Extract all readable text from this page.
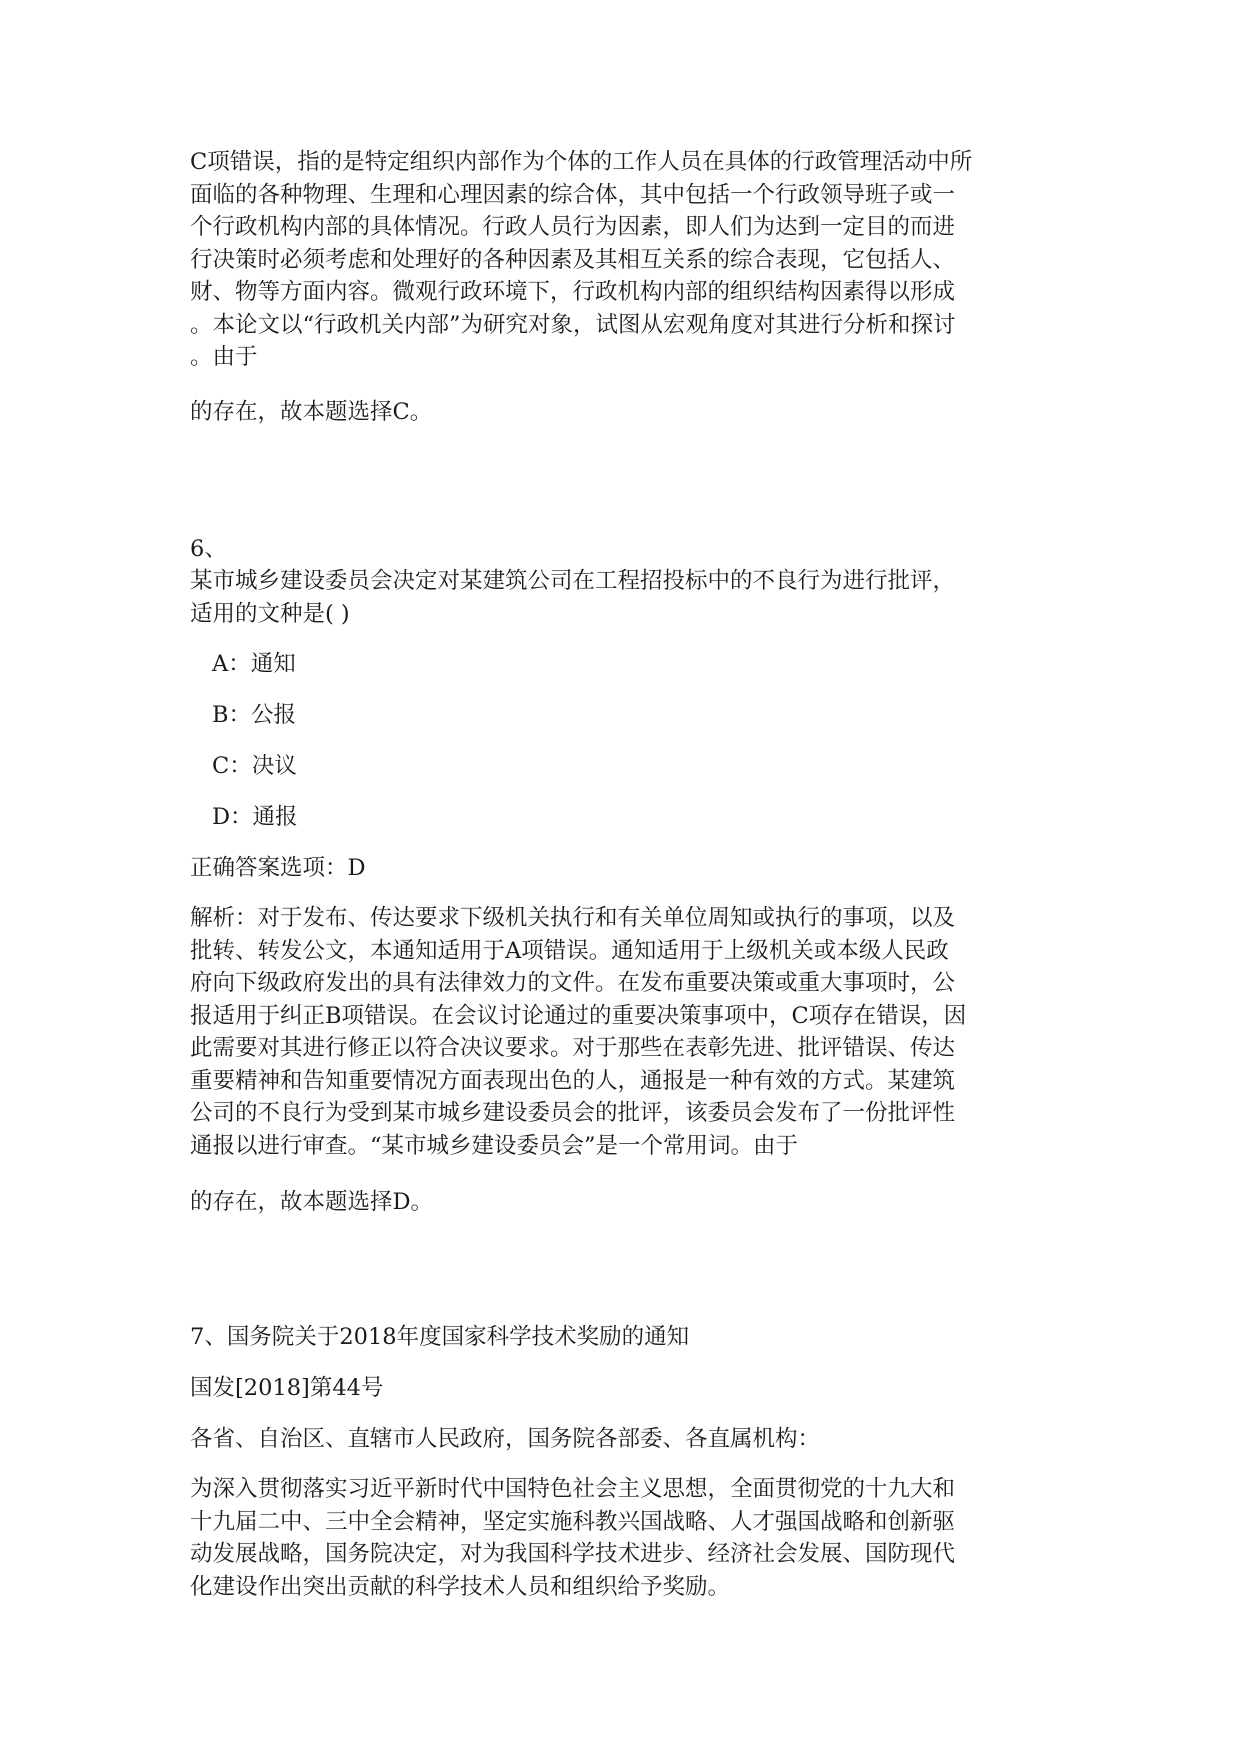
C项错误，指的是特定组织内部作为个体的工作人员在具体的行政管理活动中所
面临的各种物理、生理和心理因素的综合体，其中包括一个行政领导班子或一
个行政机构内部的具体情况。行政人员行为因素，即人们为达到一定目的而进
行决策时必须考虑和处理好的各种因素及其相互关系的综合表现，它包括人、
财、物等方面内容。微观行政环境下，行政机构内部的组织结构因素得以形成
。本论文以“行政机关内部”为研究对象，试图从宏观角度对其进行分析和探讨
。由于
的存在，故本题选择C。
6、
某市城乡建设委员会决定对某建筑公司在工程招投标中的不良行为进行批评，
适用的文种是( )
A：通知
B：公报
C：决议
D：通报
正确答案选项：D
解析：对于发布、传达要求下级机关执行和有关单位周知或执行的事项，以及
批转、转发公文，本通知适用于A项错误。通知适用于上级机关或本级人民政
府向下级政府发出的具有法律效力的文件。在发布重要决策或重大事项时，公
报适用于纠正B项错误。在会议讨论通过的重要决策事项中，C项存在错误，因
此需要对其进行修正以符合决议要求。对于那些在表彰先进、批评错误、传达
重要精神和告知重要情况方面表现出色的人，通报是一种有效的方式。某建筑
公司的不良行为受到某市城乡建设委员会的批评，该委员会发布了一份批评性
通报以进行审查。“某市城乡建设委员会”是一个常用词。由于
的存在，故本题选择D。
7、国务院关于2018年度国家科学技术奖励的通知
国发[2018]第44号
各省、自治区、直辖市人民政府，国务院各部委、各直属机构：
为深入贯彻落实习近平新时代中国特色社会主义思想，全面贯彻党的十九大和
十九届二中、三中全会精神，坚定实施科教兴国战略、人才强国战略和创新驱
动发展战略，国务院决定，对为我国科学技术进步、经济社会发展、国防现代
化建设作出突出贡献的科学技术人员和组织给予奖励。
